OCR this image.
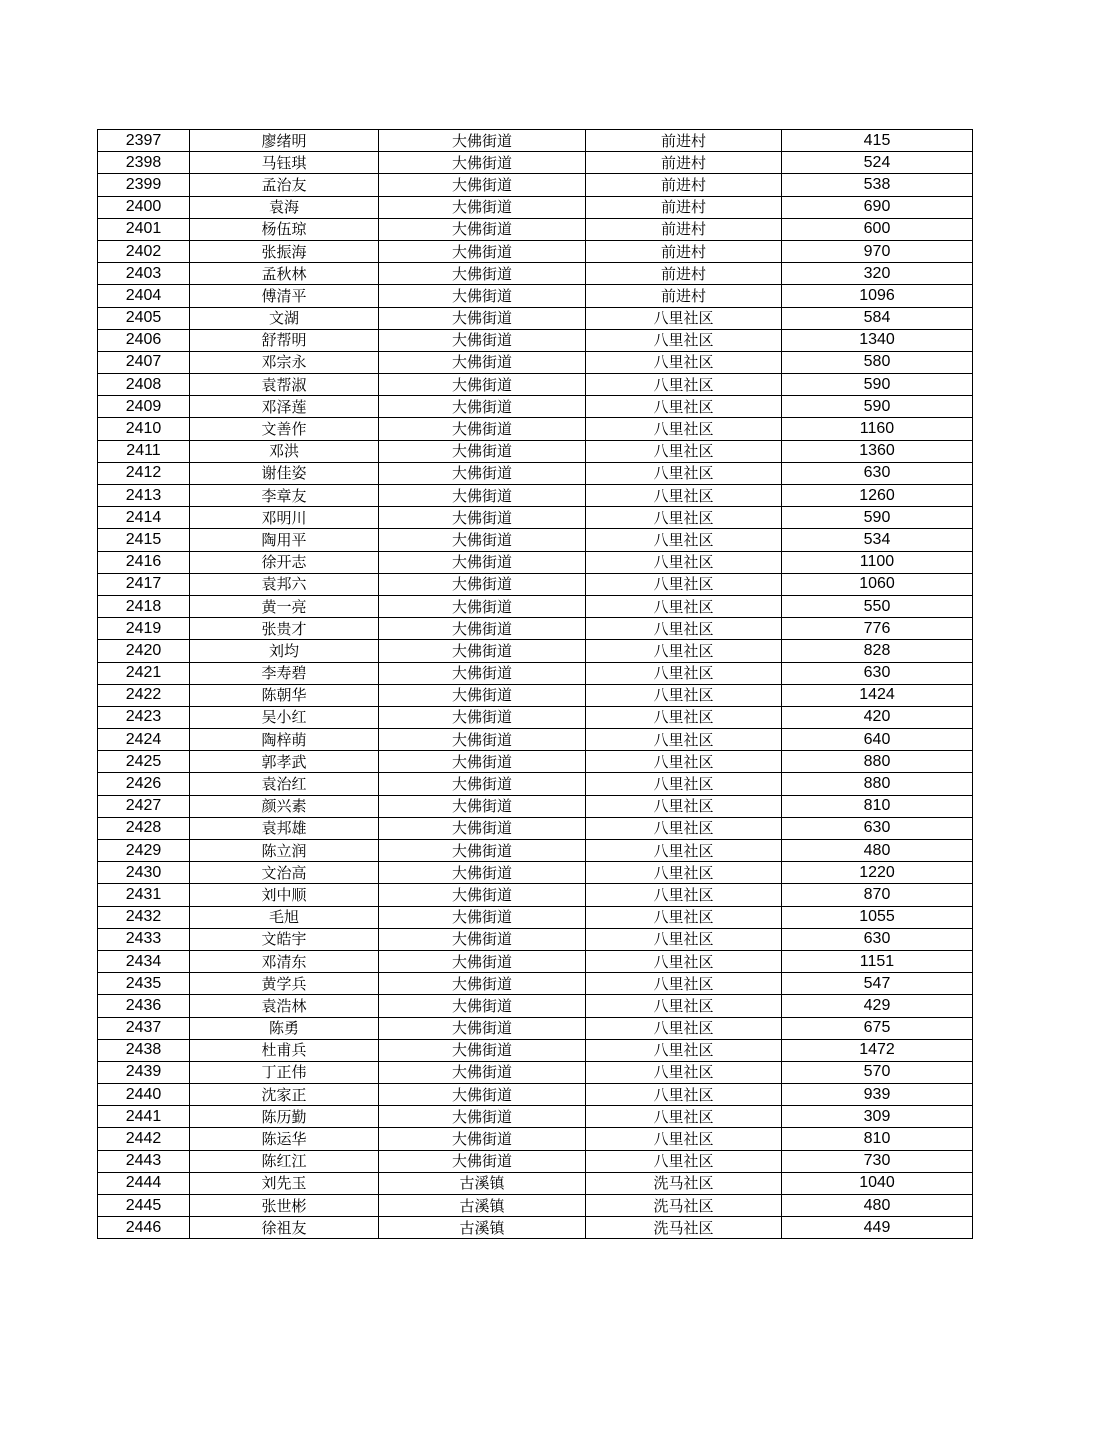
2397	廖绪明	大佛街道	前进村	415
2398	马钰琪	大佛街道	前进村	524
2399	孟治友	大佛街道	前进村	538
2400	袁海	大佛街道	前进村	690
2401	杨伍琼	大佛街道	前进村	600
2402	张振海	大佛街道	前进村	970
2403	孟秋林	大佛街道	前进村	320
2404	傅清平	大佛街道	前进村	1096
2405	文湖	大佛街道	八里社区	584
2406	舒帮明	大佛街道	八里社区	1340
2407	邓宗永	大佛街道	八里社区	580
2408	袁帮淑	大佛街道	八里社区	590
2409	邓泽莲	大佛街道	八里社区	590
2410	文善作	大佛街道	八里社区	1160
2411	邓洪	大佛街道	八里社区	1360
2412	谢佳姿	大佛街道	八里社区	630
2413	李章友	大佛街道	八里社区	1260
2414	邓明川	大佛街道	八里社区	590
2415	陶用平	大佛街道	八里社区	534
2416	徐开志	大佛街道	八里社区	1100
2417	袁邦六	大佛街道	八里社区	1060
2418	黄一亮	大佛街道	八里社区	550
2419	张贵才	大佛街道	八里社区	776
2420	刘均	大佛街道	八里社区	828
2421	李寿碧	大佛街道	八里社区	630
2422	陈朝华	大佛街道	八里社区	1424
2423	吴小红	大佛街道	八里社区	420
2424	陶梓萌	大佛街道	八里社区	640
2425	郭孝武	大佛街道	八里社区	880
2426	袁治红	大佛街道	八里社区	880
2427	颜兴素	大佛街道	八里社区	810
2428	袁邦雄	大佛街道	八里社区	630
2429	陈立润	大佛街道	八里社区	480
2430	文治高	大佛街道	八里社区	1220
2431	刘中顺	大佛街道	八里社区	870
2432	毛旭	大佛街道	八里社区	1055
2433	文皓宇	大佛街道	八里社区	630
2434	邓清东	大佛街道	八里社区	1151
2435	黄学兵	大佛街道	八里社区	547
2436	袁浩林	大佛街道	八里社区	429
2437	陈勇	大佛街道	八里社区	675
2438	杜甫兵	大佛街道	八里社区	1472
2439	丁正伟	大佛街道	八里社区	570
2440	沈家正	大佛街道	八里社区	939
2441	陈历勤	大佛街道	八里社区	309
2442	陈运华	大佛街道	八里社区	810
2443	陈红江	大佛街道	八里社区	730
2444	刘先玉	古溪镇	洗马社区	1040
2445	张世彬	古溪镇	洗马社区	480
2446	徐祖友	古溪镇	洗马社区	449
